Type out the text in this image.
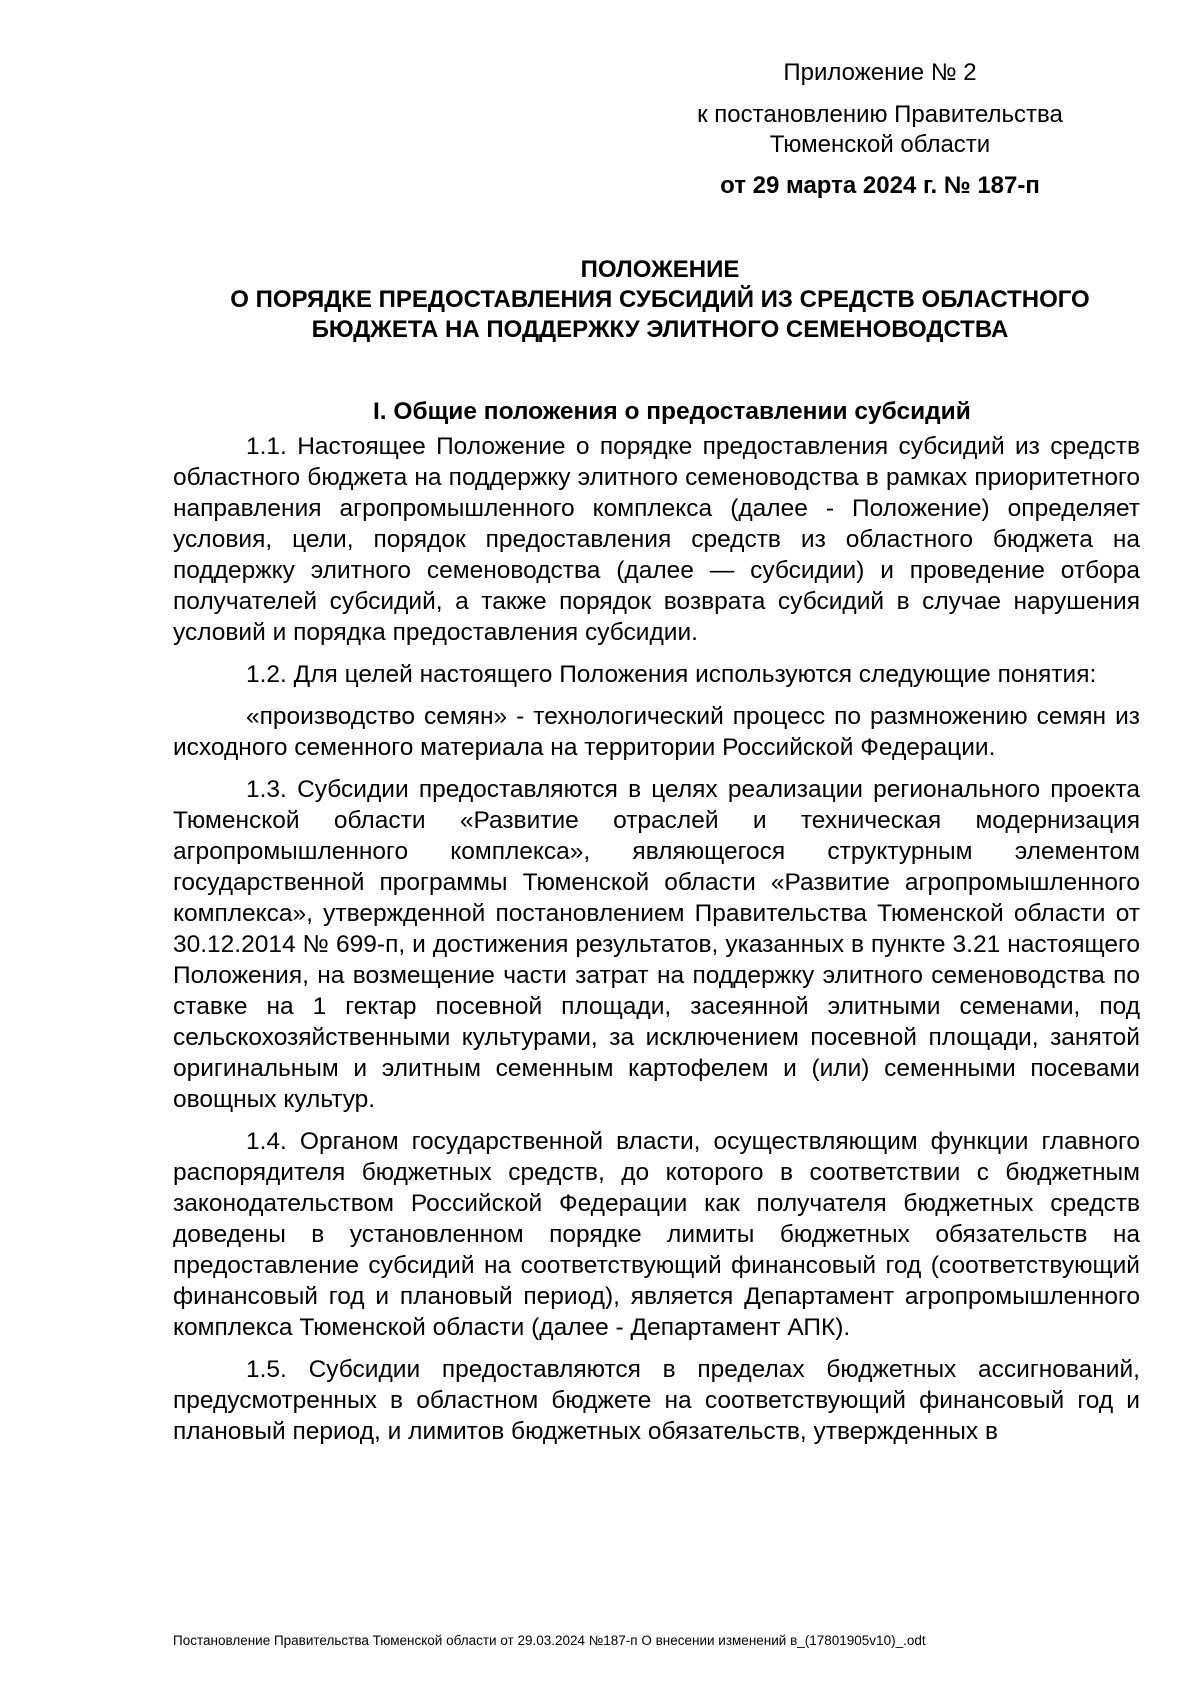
Приложение № 2
к постановлению Правительства Тюменской области
от 29 марта 2024 г. № 187-п
ПОЛОЖЕНИЕ
О ПОРЯДКЕ ПРЕДОСТАВЛЕНИЯ СУБСИДИЙ ИЗ СРЕДСТВ ОБЛАСТНОГО
БЮДЖЕТА НА ПОДДЕРЖКУ ЭЛИТНОГО СЕМЕНОВОДСТВА
I. Общие положения о предоставлении субсидий

1.1. Настоящее Положение о порядке предоставления субсидий из средств областного бюджета на поддержку элитного семеноводства в рамках приоритетного направления агропромышленного комплекса (далее - Положение) определяет условия, цели, порядок предоставления средств из областного бюджета на поддержку элитного семеноводства (далее — субсидии) и проведение отбора получателей субсидий, а также порядок возврата субсидий в случае нарушения условий и порядка предоставления субсидии.

1.2. Для целей настоящего Положения используются следующие понятия:

«производство семян» - технологический процесс по размножению семян из исходного семенного материала на территории Российской Федерации.

1.3. Субсидии предоставляются в целях реализации регионального проекта Тюменской области «Развитие отраслей и техническая модернизация агропромышленного комплекса», являющегося структурным элементом государственной программы Тюменской области «Развитие агропромышленного комплекса», утвержденной постановлением Правительства Тюменской области от 30.12.2014 № 699-п, и достижения результатов, указанных в пункте 3.21 настоящего Положения, на возмещение части затрат на поддержку элитного семеноводства по ставке на 1 гектар посевной площади, засеянной элитными семенами, под сельскохозяйственными культурами, за исключением посевной площади, занятой оригинальным и элитным семенным картофелем и (или) семенными посевами овощных культур.

1.4. Органом государственной власти, осуществляющим функции главного распорядителя бюджетных средств, до которого в соответствии с бюджетным законодательством Российской Федерации как получателя бюджетных средств доведены в установленном порядке лимиты бюджетных обязательств на предоставление субсидий на соответствующий финансовый год (соответствующий финансовый год и плановый период), является Департамент агропромышленного комплекса Тюменской области (далее - Департамент АПК).

1.5. Субсидии предоставляются в пределах бюджетных ассигнований, предусмотренных в областном бюджете на соответствующий финансовый год и плановый период, и лимитов бюджетных обязательств, утвержденных в

Постановление Правительства Тюменской области от 29.03.2024 №187-п О внесении изменений в_(17801905v10)_.odt
